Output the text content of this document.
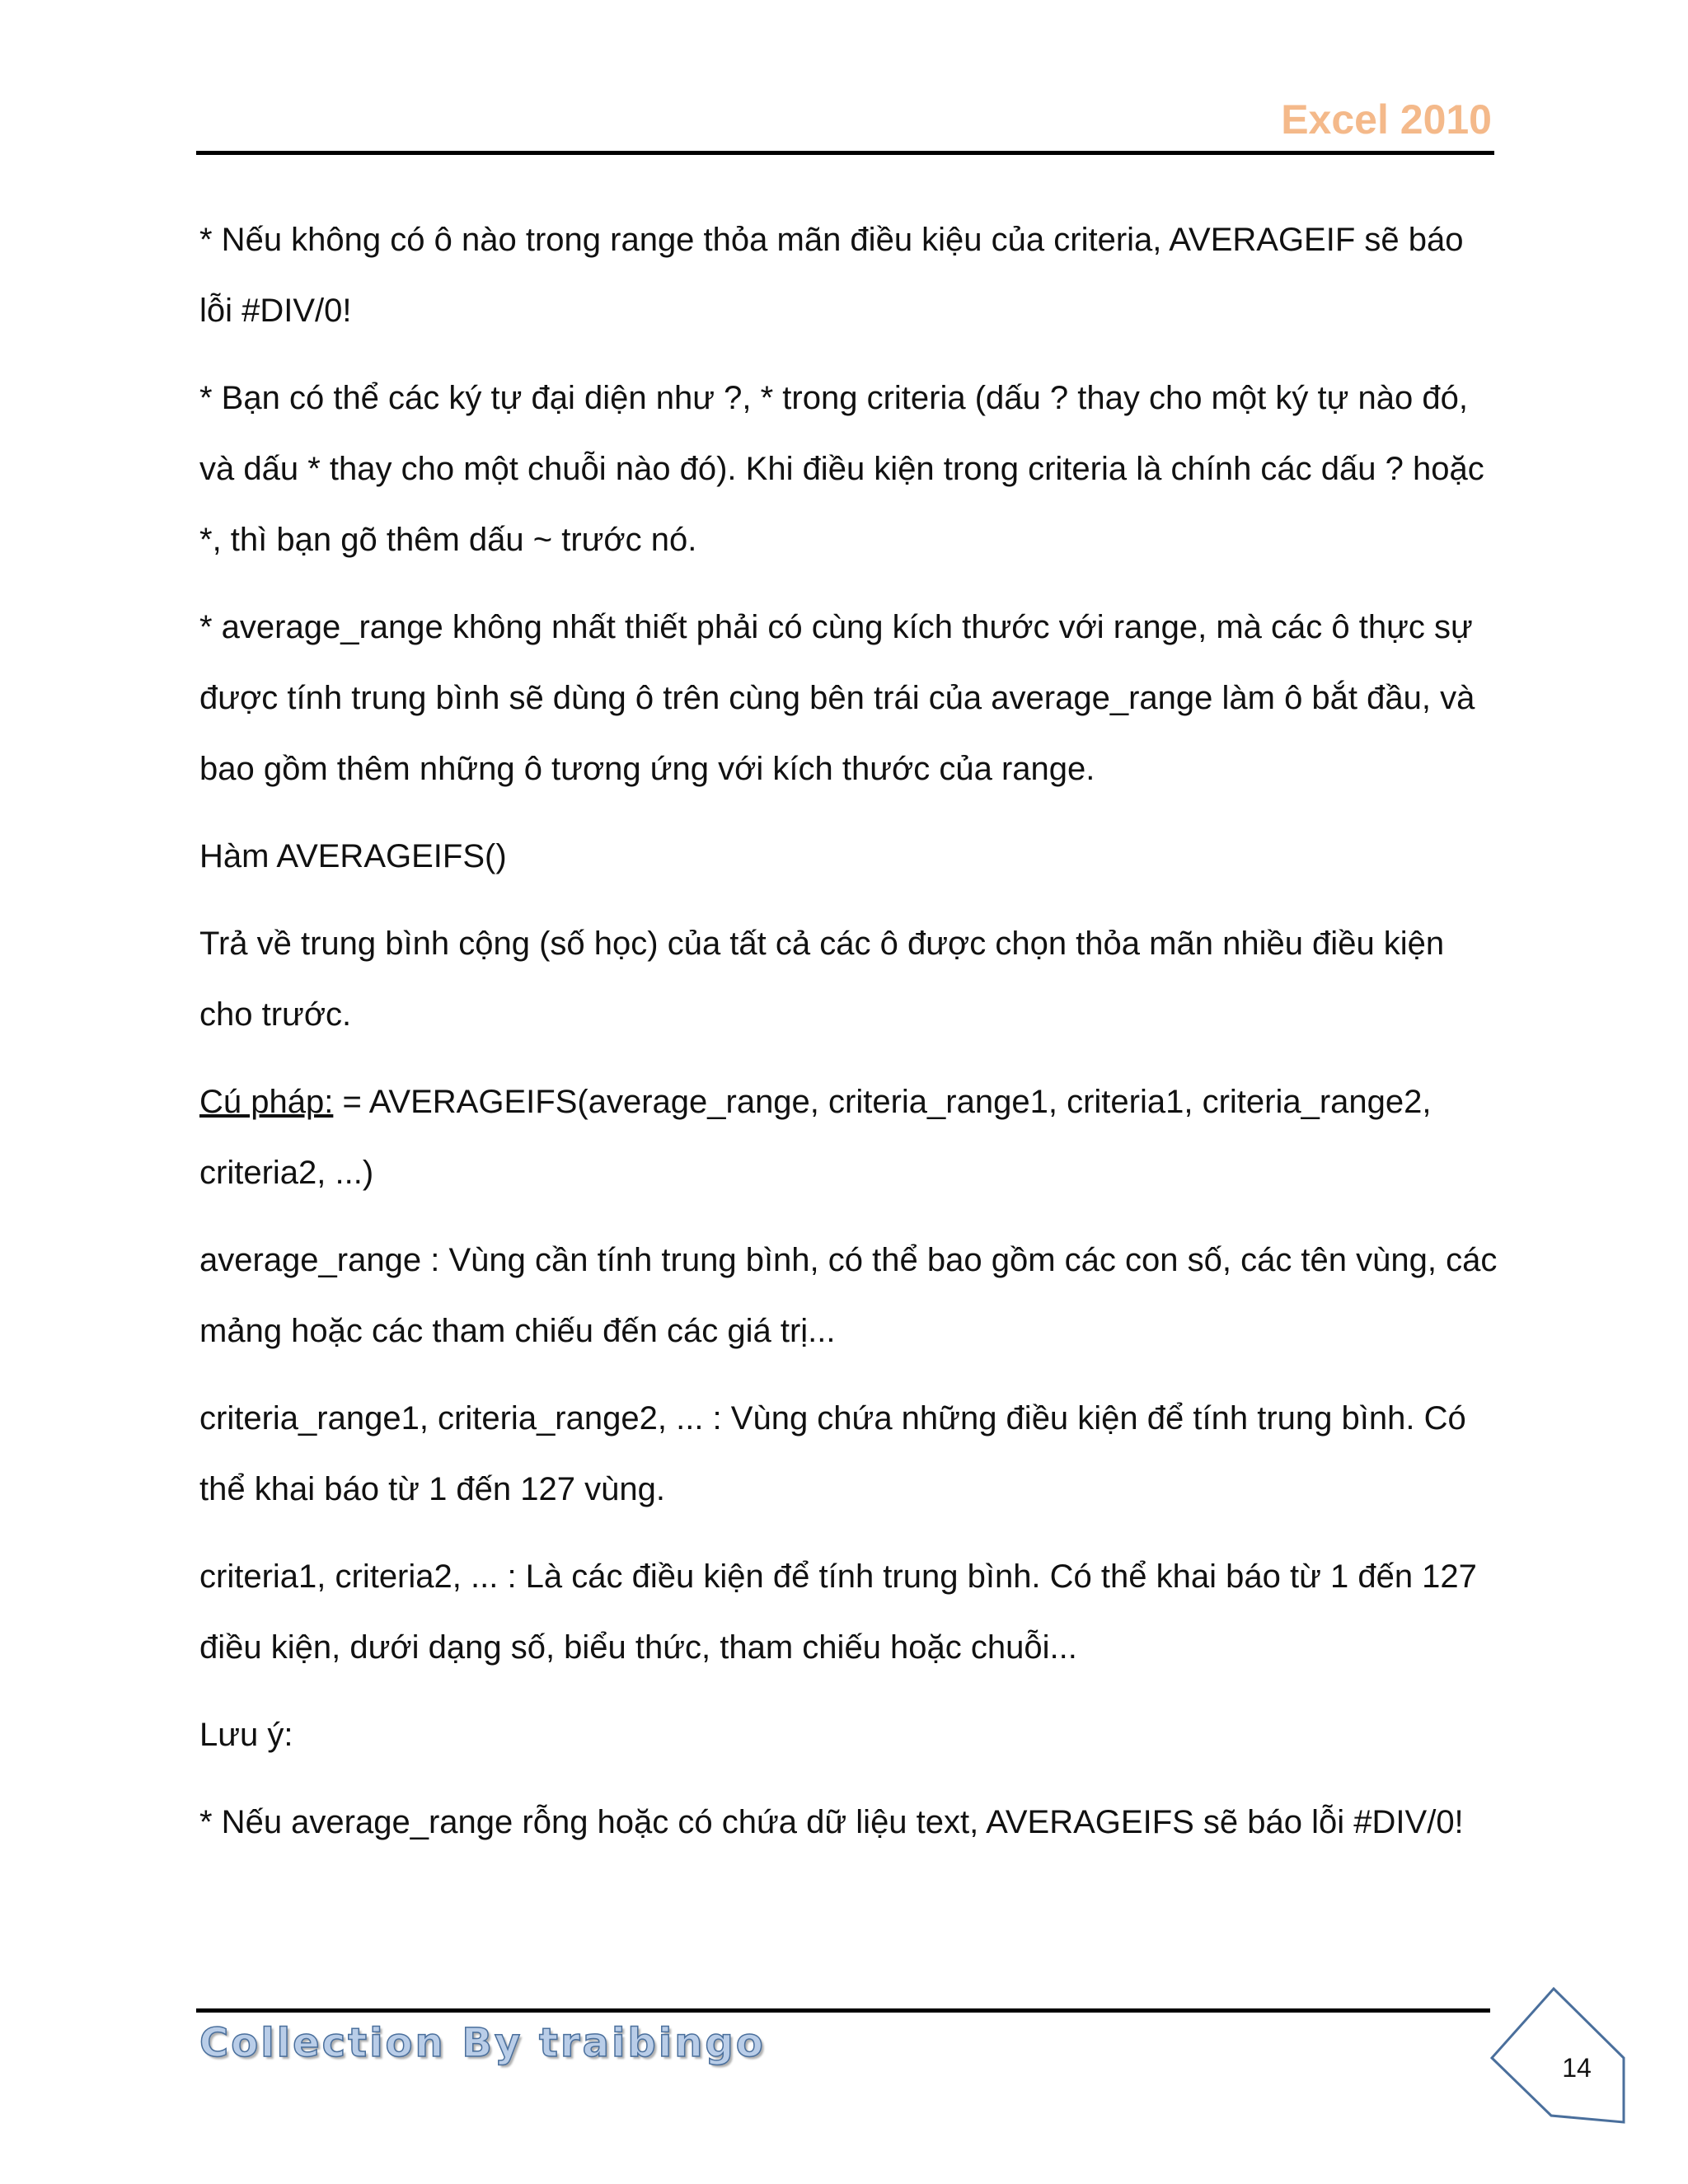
Excel 2010

* Nếu không có ô nào trong range thỏa mãn điều kiệu của criteria, AVERAGEIF sẽ báo lỗi #DIV/0!

* Bạn có thể các ký tự đại diện như ?, * trong criteria (dấu ? thay cho một ký tự nào đó, và dấu * thay cho một chuỗi nào đó). Khi điều kiện trong criteria là chính các dấu ? hoặc *, thì bạn gõ thêm dấu ~ trước nó.

* average_range không nhất thiết phải có cùng kích thước với range, mà các ô thực sự được tính trung bình sẽ dùng ô trên cùng bên trái của average_range làm ô bắt đầu, và bao gồm thêm những ô tương ứng với kích thước của range.

Hàm AVERAGEIFS()

Trả về trung bình cộng (số học) của tất cả các ô được chọn thỏa mãn nhiều điều kiện cho trước.

Cú pháp: = AVERAGEIFS(average_range, criteria_range1, criteria1, criteria_range2, criteria2, ...)

average_range : Vùng cần tính trung bình, có thể bao gồm các con số, các tên vùng, các mảng hoặc các tham chiếu đến các giá trị...

criteria_range1, criteria_range2, ... : Vùng chứa những điều kiện để tính trung bình. Có thể khai báo từ 1 đến 127 vùng.

criteria1, criteria2, ... : Là các điều kiện để tính trung bình. Có thể khai báo từ 1 đến 127 điều kiện, dưới dạng số, biểu thức, tham chiếu hoặc chuỗi...

Lưu ý:

* Nếu average_range rỗng hoặc có chứa dữ liệu text, AVERAGEIFS sẽ báo lỗi #DIV/0!

Collection By traibingo
14
